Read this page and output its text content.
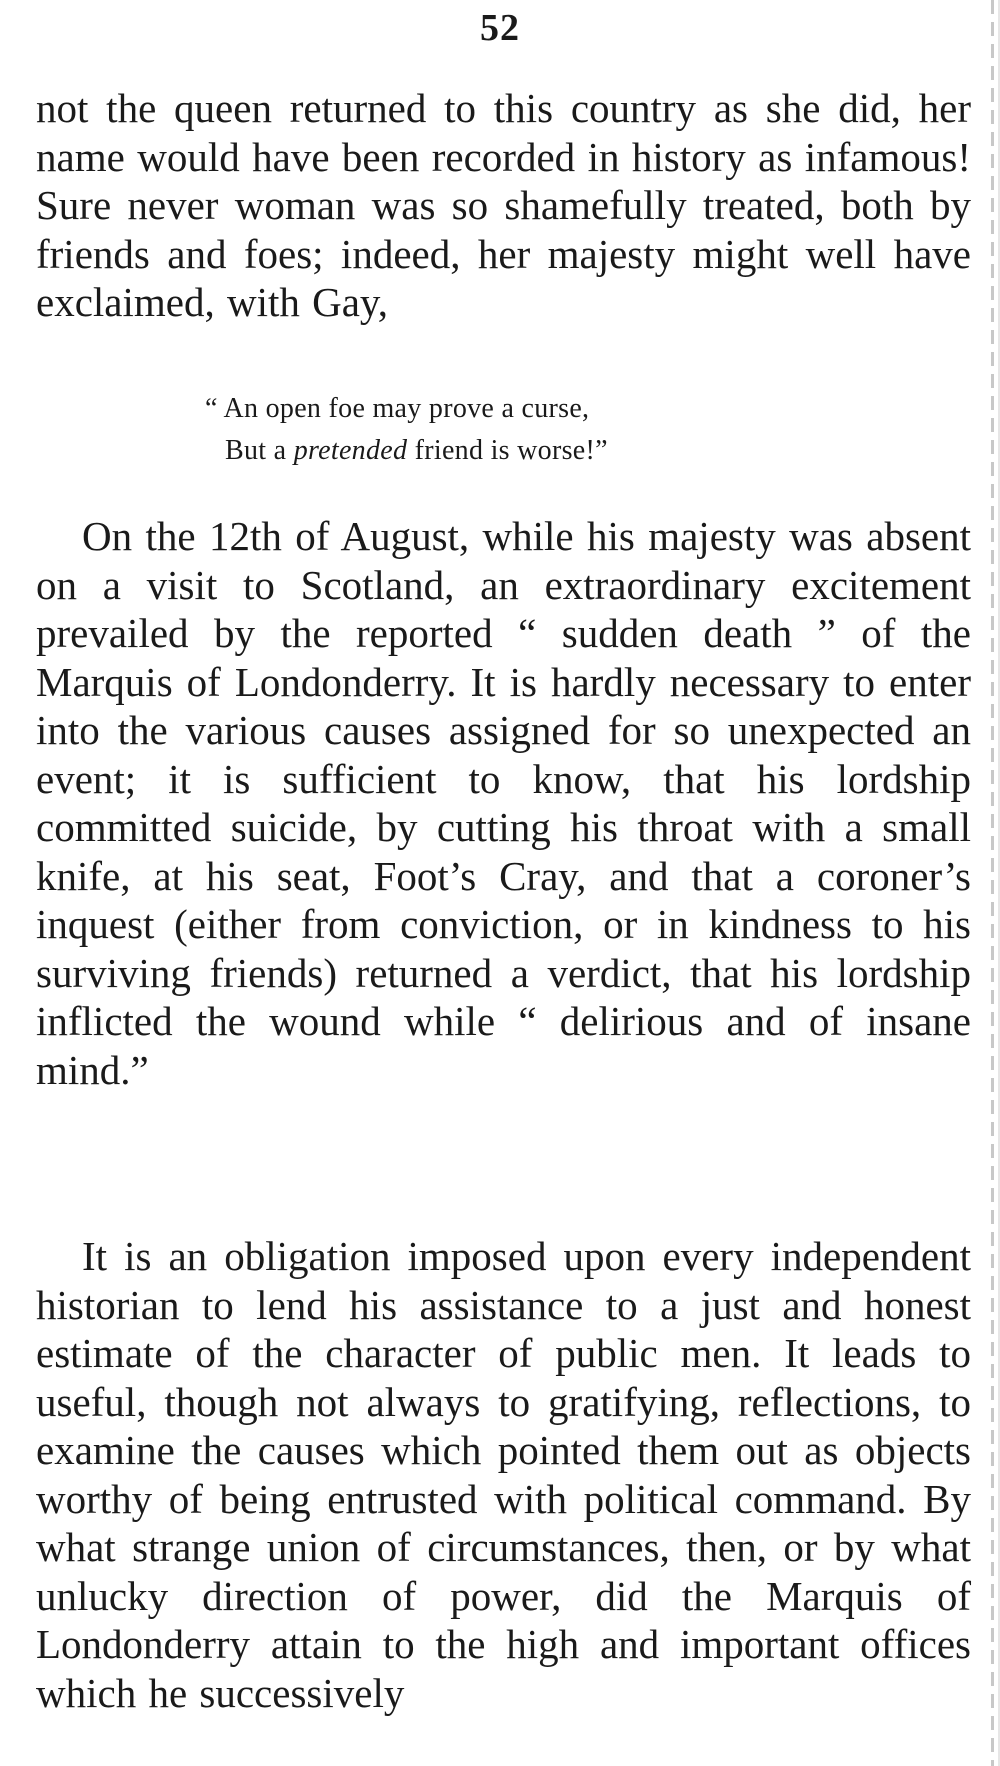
52

not the queen returned to this country as she did, her name would have been recorded in history as infamous! Sure never woman was so shamefully treated, both by friends and foes; indeed, her majesty might well have exclaimed, with Gay,

“ An open foe may prove a curse,
But a pretended friend is worse!”

On the 12th of August, while his majesty was absent on a visit to Scotland, an extraordinary excitement prevailed by the reported “ sudden death ” of the Marquis of Londonderry. It is hardly necessary to enter into the various causes assigned for so unexpected an event; it is sufficient to know, that his lordship committed suicide, by cutting his throat with a small knife, at his seat, Foot’s Cray, and that a coroner’s inquest (either from conviction, or in kindness to his surviving friends) returned a verdict, that his lordship inflicted the wound while “ delirious and of insane mind.”

It is an obligation imposed upon every independent historian to lend his assistance to a just and honest estimate of the character of public men. It leads to useful, though not always to gratifying, reflections, to examine the causes which pointed them out as objects worthy of being entrusted with political command. By what strange union of circumstances, then, or by what unlucky direction of power, did the Marquis of Londonderry attain to the high and important offices which he successively
